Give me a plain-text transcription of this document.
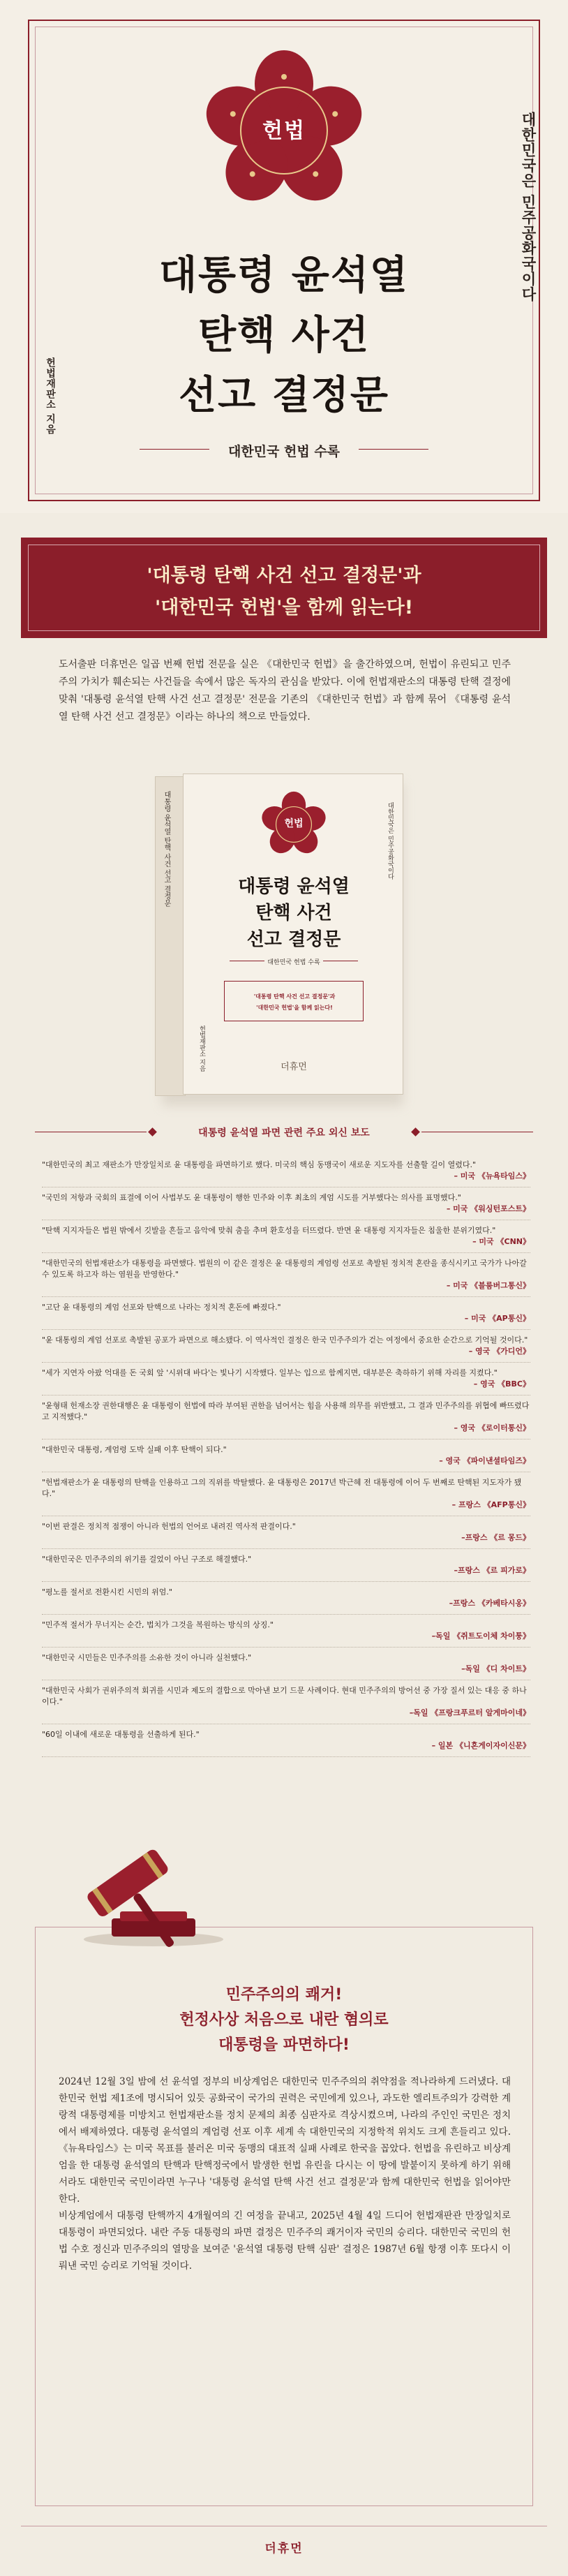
헌법
대통령 윤석열
탄핵 사건
선고 결정문
대한민국 헌법 수록
대한민국은 민주공화국이다
헌법재판소 지음
'대통령 탄핵 사건 선고 결정문'과
'대한민국 헌법'을 함께 읽는다!
도서출판 더휴먼은 일곱 번째 헌법 전문을 실은 《대한민국 헌법》을 출간하였으며, 헌법이 유린되고 민주주의 가치가 훼손되는 사건들을 속에서 많은 독자의 관심을 받았다. 이에 헌법재판소의 대통령 탄핵 결정에 맞춰 '대통령 윤석열 탄핵 사건 선고 결정문' 전문을 기존의 《대한민국 헌법》과 함께 묶어 《대통령 윤석열 탄핵 사건 선고 결정문》이라는 하나의 책으로 만들었다.
대통령 윤석열 탄핵 사건 선고 결정문	헌법
대통령 윤석열
탄핵 사건
선고 결정문
대한민국 헌법 수록
'대통령 탄핵 사건 선고 결정문'과
'대한민국 헌법'을 함께 읽는다!
대한민국은 민주공화국이다
헌법재판소 지음	더휴먼
대통령 윤석열 파면 관련 주요 외신 보도
"대한민국의 최고 재판소가 만장일치로 윤 대통령을 파면하기로 했다. 미국의 핵심 동맹국이 새로운 지도자를 선출할 길이 열렸다."
– 미국 《뉴욕타임스》
"국민의 저항과 국회의 표결에 이어 사법부도 윤 대통령이 행한 민주와 이후 최초의 계엄 시도를 거부했다는 의사를 표명했다."
– 미국 《워싱턴포스트》
"탄핵 지지자들은 법원 밖에서 깃발을 흔들고 음악에 맞춰 춤을 추며 환호성을 터뜨렸다. 반면 윤 대통령 지지자들은 침울한 분위기였다."
– 미국 《CNN》
"대한민국의 헌법재판소가 대통령을 파면했다. 법원의 이 같은 결정은 윤 대통령의 계엄령 선포로 촉발된 정치적 혼란을 종식시키고 국가가 나아갈 수 있도록 하고자 하는 염원을 반영한다."
– 미국 《블룸버그통신》
"고단 윤 대통령의 계엄 선포와 탄핵으로 나라는 정치적 혼돈에 빠졌다."
– 미국 《AP통신》
"윤 대통령의 계엄 선포로 촉발된 공포가 파면으로 해소됐다. 이 역사적인 결정은 한국 민주주의가 걷는 여정에서 중요한 순간으로 기억될 것이다."
– 영국 《가디언》
"세가 지연자 아팠 억대를 돈 국회 앞 '시위대 바다'는 빛나기 시작했다. 일부는 입으로 함께지면, 대부분은 축하하기 위해 자리를 지켰다."
– 영국 《BBC》
"윤형태 헌재소장 권한대행은 윤 대통령이 헌법에 따라 부여된 권한을 넘어서는 힘을 사용해 의무를 위반했고, 그 결과 민주주의를 위협에 빠뜨렸다고 지적했다."
– 영국 《로이터통신》
"대한민국 대통령, 계엄령 도박 실패 이후 탄핵이 되다."
– 영국 《파이낸셜타임즈》
"헌법재판소가 윤 대통령의 탄핵을 인용하고 그의 직위를 박탈했다. 윤 대통령은 2017년 박근혜 전 대통령에 이어 두 번째로 탄핵된 지도자가 됐다."
– 프랑스 《AFP통신》
"이번 판결은 정치적 점쟁이 아니라 헌법의 언어로 내려진 역사적 판결이다."
–프랑스 《르 몽드》
"대한민국은 민주주의의 위기를 걸었이 아닌 구조로 해결했다."
–프랑스 《르 피가로》
"평노를 절서로 전환시킨 시민의 위엄."
–프랑스 《카베타시옹》
"민주적 절서가 무너지는 순간, 법치가 그것을 복원하는 방식의 상징."
–독일 《쥐트도이체 차이퉁》
"대한민국 시민들은 민주주의를 소유한 것이 아니라 실천했다."
–독일 《디 차이트》
"대한민국 사회가 권위주의적 회귀를 시민과 제도의 결합으로 막아낸 보기 드문 사례이다. 현대 민주주의의 방어선 중 가장 질서 있는 대응 중 하나이다."
–독일 《프랑크푸르터 알게마이네》
"60일 이내에 새로운 대통령을 선출하게 된다."
– 일본 《니혼게이자이신문》
민주주의의 쾌거!
헌정사상 처음으로 내란 혐의로
대통령을 파면하다!

2024년 12월 3일 밤에 선 윤석열 정부의 비상계엄은 대한민국 민주주의의 취약점을 적나라하게 드러냈다. 대한민국 헌법 제1조에 명시되어 있듯 공화국이 국가의 권력은 국민에게 있으나, 과도한 엘리트주의가 강력한 계랑적 대통령제를 미방치고 헌법재판소를 정치 문제의 최종 심판자로 격상시켰으며, 나라의 주인인 국민은 정치에서 배제하였다. 대통령 윤석열의 계엄령 선포 이후 세계 속 대한민국의 지정학적 위치도 크게 흔들리고 있다. 《뉴욕타임스》는 미국 목표를 불러온 미국 동맹의 대표적 실패 사례로 한국을 꼽았다. 헌법을 유린하고 비상계엄을 한 대통령 윤석열의 탄핵과 탄핵정국에서 발생한 헌법 유린을 다시는 이 땅에 발붙이지 못하게 하기 위해서라도 대한민국 국민이라면 누구나 '대통령 윤석열 탄핵 사건 선고 결정문'과 함께 대한민국 헌법을 읽어야만 한다.

비상계엄에서 대통령 탄핵까지 4개월여의 긴 여정을 끝내고, 2025년 4월 4일 드디어 헌법재판관 만장일치로 대통령이 파면되었다. 내란 주동 대통령의 파면 결정은 민주주의 쾌거이자 국민의 승리다. 대한민국 국민의 헌법 수호 정신과 민주주의의 열망을 보여준 '윤석열 대통령 탄핵 심판' 결정은 1987년 6월 항쟁 이후 또다시 이뤄낸 국민 승리로 기억될 것이다.

더휴먼
